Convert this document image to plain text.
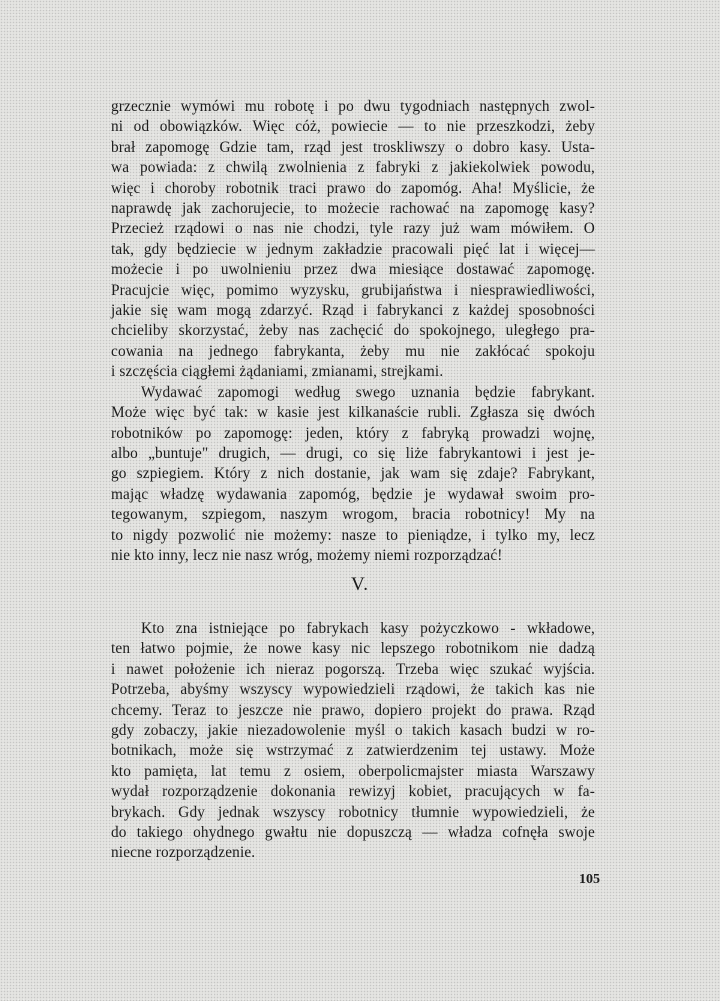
grzecznie wymówi mu robotę i po dwu tygodniach następnych zwol-

ni od obowiązków. Więc cóż, powiecie — to nie przeszkodzi, żeby

brał zapomogę Gdzie tam, rząd jest troskliwszy o dobro kasy. Usta-

wa powiada: z chwilą zwolnienia z fabryki z jakiekolwiek powodu,

więc i choroby robotnik traci prawo do zapomóg. Aha! Myślicie, że

naprawdę jak zachorujecie, to możecie rachować na zapomogę kasy?

Przecież rządowi o nas nie chodzi, tyle razy już wam mówiłem. O

tak, gdy będziecie w jednym zakładzie pracowali pięć lat i więcej—

możecie i po uwolnieniu przez dwa miesiące dostawać zapomogę.

Pracujcie więc, pomimo wyzysku, grubijaństwa i niesprawiedliwości,

jakie się wam mogą zdarzyć. Rząd i fabrykanci z każdej sposobności

chcieliby skorzystać, żeby nas zachęcić do spokojnego, uległego pra-

cowania na jednego fabrykanta, żeby mu nie zakłócać spokoju

i szczęścia ciągłemi żądaniami, zmianami, strejkami.

Wydawać zapomogi według swego uznania będzie fabrykant.

Może więc być tak: w kasie jest kilkanaście rubli. Zgłasza się dwóch

robotników po zapomogę: jeden, który z fabryką prowadzi wojnę,

albo „buntuje" drugich, — drugi, co się liże fabrykantowi i jest je-

go szpiegiem. Który z nich dostanie, jak wam się zdaje? Fabrykant,

mając władzę wydawania zapomóg, będzie je wydawał swoim pro-

tegowanym, szpiegom, naszym wrogom, bracia robotnicy! My na

to nigdy pozwolić nie możemy: nasze to pieniądze, i tylko my, lecz

nie kto inny, lecz nie nasz wróg, możemy niemi rozporządzać!

V.

Kto zna istniejące po fabrykach kasy pożyczkowo - wkładowe,

ten łatwo pojmie, że nowe kasy nic lepszego robotnikom nie dadzą

i nawet położenie ich nieraz pogorszą. Trzeba więc szukać wyjścia.

Potrzeba, abyśmy wszyscy wypowiedzieli rządowi, że takich kas nie

chcemy. Teraz to jeszcze nie prawo, dopiero projekt do prawa. Rząd

gdy zobaczy, jakie niezadowolenie myśl o takich kasach budzi w ro-

botnikach, może się wstrzymać z zatwierdzenim tej ustawy. Może

kto pamięta, lat temu z osiem, oberpolicmajster miasta Warszawy

wydał rozporządzenie dokonania rewizyj kobiet, pracujących w fa-

brykach. Gdy jednak wszyscy robotnicy tłumnie wypowiedzieli, że

do takiego ohydnego gwałtu nie dopuszczą — władza cofnęła swoje

niecne rozporządzenie.

105
